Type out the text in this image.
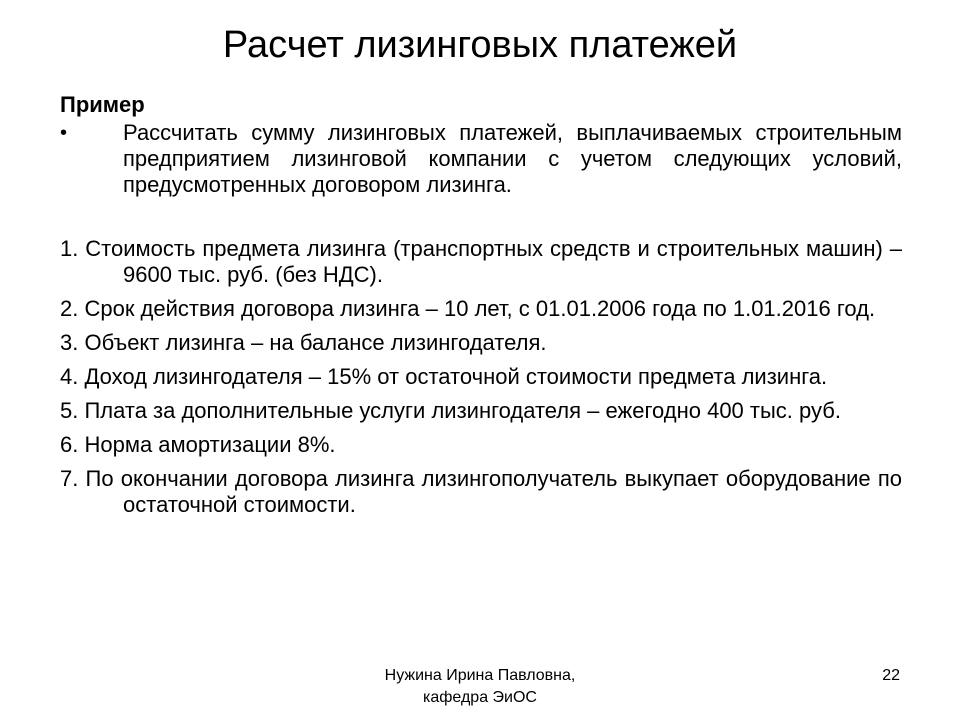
Расчет лизинговых платежей

Пример

•	Рассчитать сумму лизинговых платежей, выплачиваемых строительным предприятием лизинговой компании с учетом следующих условий, предусмотренных договором лизинга.

1. Стоимость предмета лизинга (транспортных средств и строительных машин) – 9600 тыс. руб. (без НДС).
2. Срок действия договора лизинга – 10 лет, с 01.01.2006 года по 1.01.2016 год.
3. Объект лизинга – на балансе лизингодателя.
4. Доход лизингодателя – 15% от остаточной стоимости предмета лизинга.
5. Плата за дополнительные услуги лизингодателя – ежегодно 400 тыс. руб.
6. Норма амортизации 8%.
7. По окончании договора лизинга лизингополучатель выкупает оборудование по остаточной стоимости.

Нужина Ирина Павловна,
кафедра ЭиОС

22
